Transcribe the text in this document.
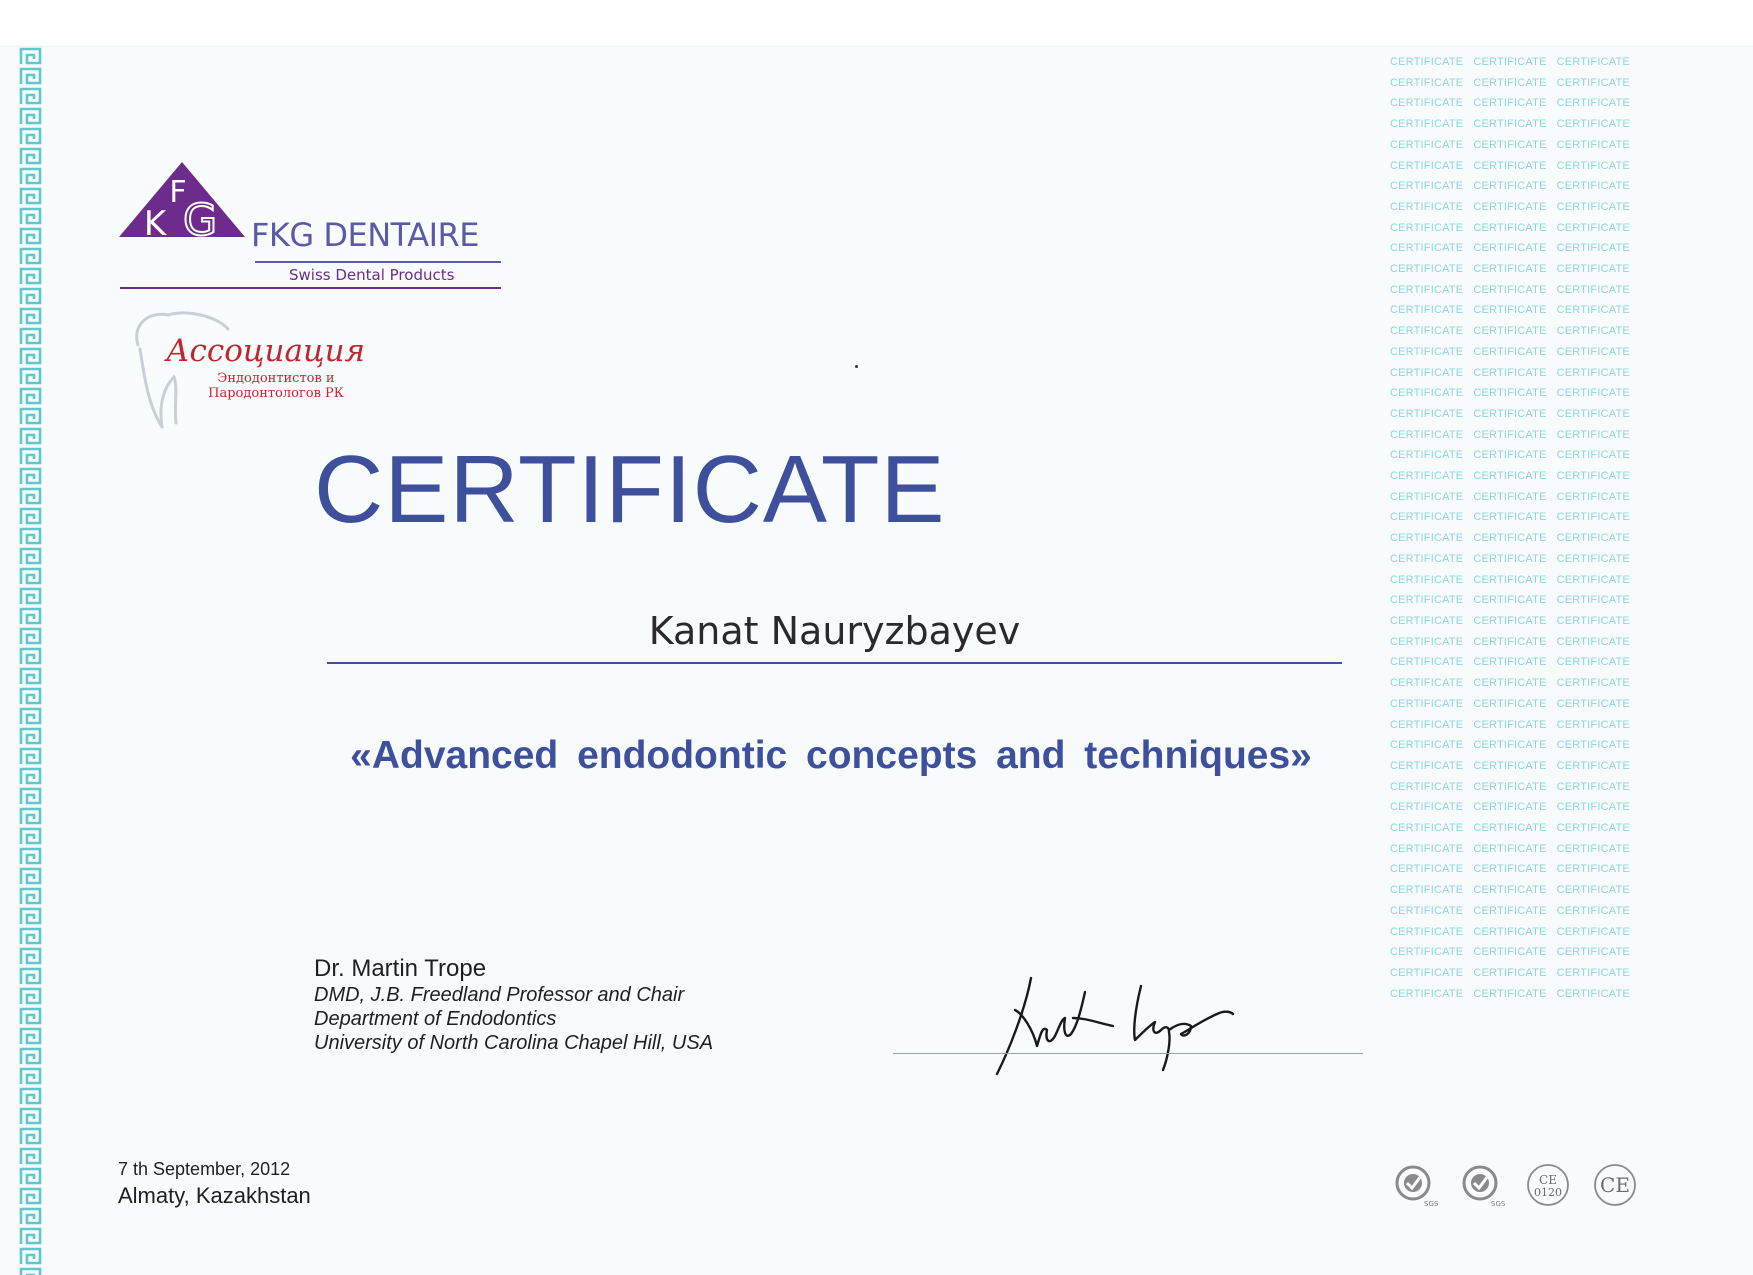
CERTIFICATE CERTIFICATE CERTIFICATE
CERTIFICATE CERTIFICATE CERTIFICATE
CERTIFICATE CERTIFICATE CERTIFICATE
CERTIFICATE CERTIFICATE CERTIFICATE
CERTIFICATE CERTIFICATE CERTIFICATE
CERTIFICATE CERTIFICATE CERTIFICATE
CERTIFICATE CERTIFICATE CERTIFICATE
CERTIFICATE CERTIFICATE CERTIFICATE
CERTIFICATE CERTIFICATE CERTIFICATE
CERTIFICATE CERTIFICATE CERTIFICATE
CERTIFICATE CERTIFICATE CERTIFICATE
CERTIFICATE CERTIFICATE CERTIFICATE
CERTIFICATE CERTIFICATE CERTIFICATE
CERTIFICATE CERTIFICATE CERTIFICATE
CERTIFICATE CERTIFICATE CERTIFICATE
CERTIFICATE CERTIFICATE CERTIFICATE
CERTIFICATE CERTIFICATE CERTIFICATE
CERTIFICATE CERTIFICATE CERTIFICATE
CERTIFICATE CERTIFICATE CERTIFICATE
CERTIFICATE CERTIFICATE CERTIFICATE
CERTIFICATE CERTIFICATE CERTIFICATE
CERTIFICATE CERTIFICATE CERTIFICATE
CERTIFICATE CERTIFICATE CERTIFICATE
CERTIFICATE CERTIFICATE CERTIFICATE
CERTIFICATE CERTIFICATE CERTIFICATE
CERTIFICATE CERTIFICATE CERTIFICATE
CERTIFICATE CERTIFICATE CERTIFICATE
CERTIFICATE CERTIFICATE CERTIFICATE
CERTIFICATE CERTIFICATE CERTIFICATE
CERTIFICATE CERTIFICATE CERTIFICATE
CERTIFICATE CERTIFICATE CERTIFICATE
CERTIFICATE CERTIFICATE CERTIFICATE
CERTIFICATE CERTIFICATE CERTIFICATE
CERTIFICATE CERTIFICATE CERTIFICATE
CERTIFICATE CERTIFICATE CERTIFICATE
CERTIFICATE CERTIFICATE CERTIFICATE
CERTIFICATE CERTIFICATE CERTIFICATE
CERTIFICATE CERTIFICATE CERTIFICATE
CERTIFICATE CERTIFICATE CERTIFICATE
CERTIFICATE CERTIFICATE CERTIFICATE
CERTIFICATE CERTIFICATE CERTIFICATE
CERTIFICATE CERTIFICATE CERTIFICATE
CERTIFICATE CERTIFICATE CERTIFICATE
CERTIFICATE CERTIFICATE CERTIFICATE
CERTIFICATE CERTIFICATE CERTIFICATE
CERTIFICATE CERTIFICATE CERTIFICATE
F
K G FKG DENTAIRE
Swiss Dental Products
Ассоциация
Эндодонтистов и
Пародонтологов РК
CERTIFICATE
Kanat Nauryzbayev
«Advanced endodontic concepts and techniques»
Dr. Martin Trope
DMD, J.B. Freedland Professor and Chair
Department of Endodontics
University of North Carolina Chapel Hill, USA
7 th September, 2012
Almaty, Kazakhstan	SGS
	SGS

CE
0120
CE
